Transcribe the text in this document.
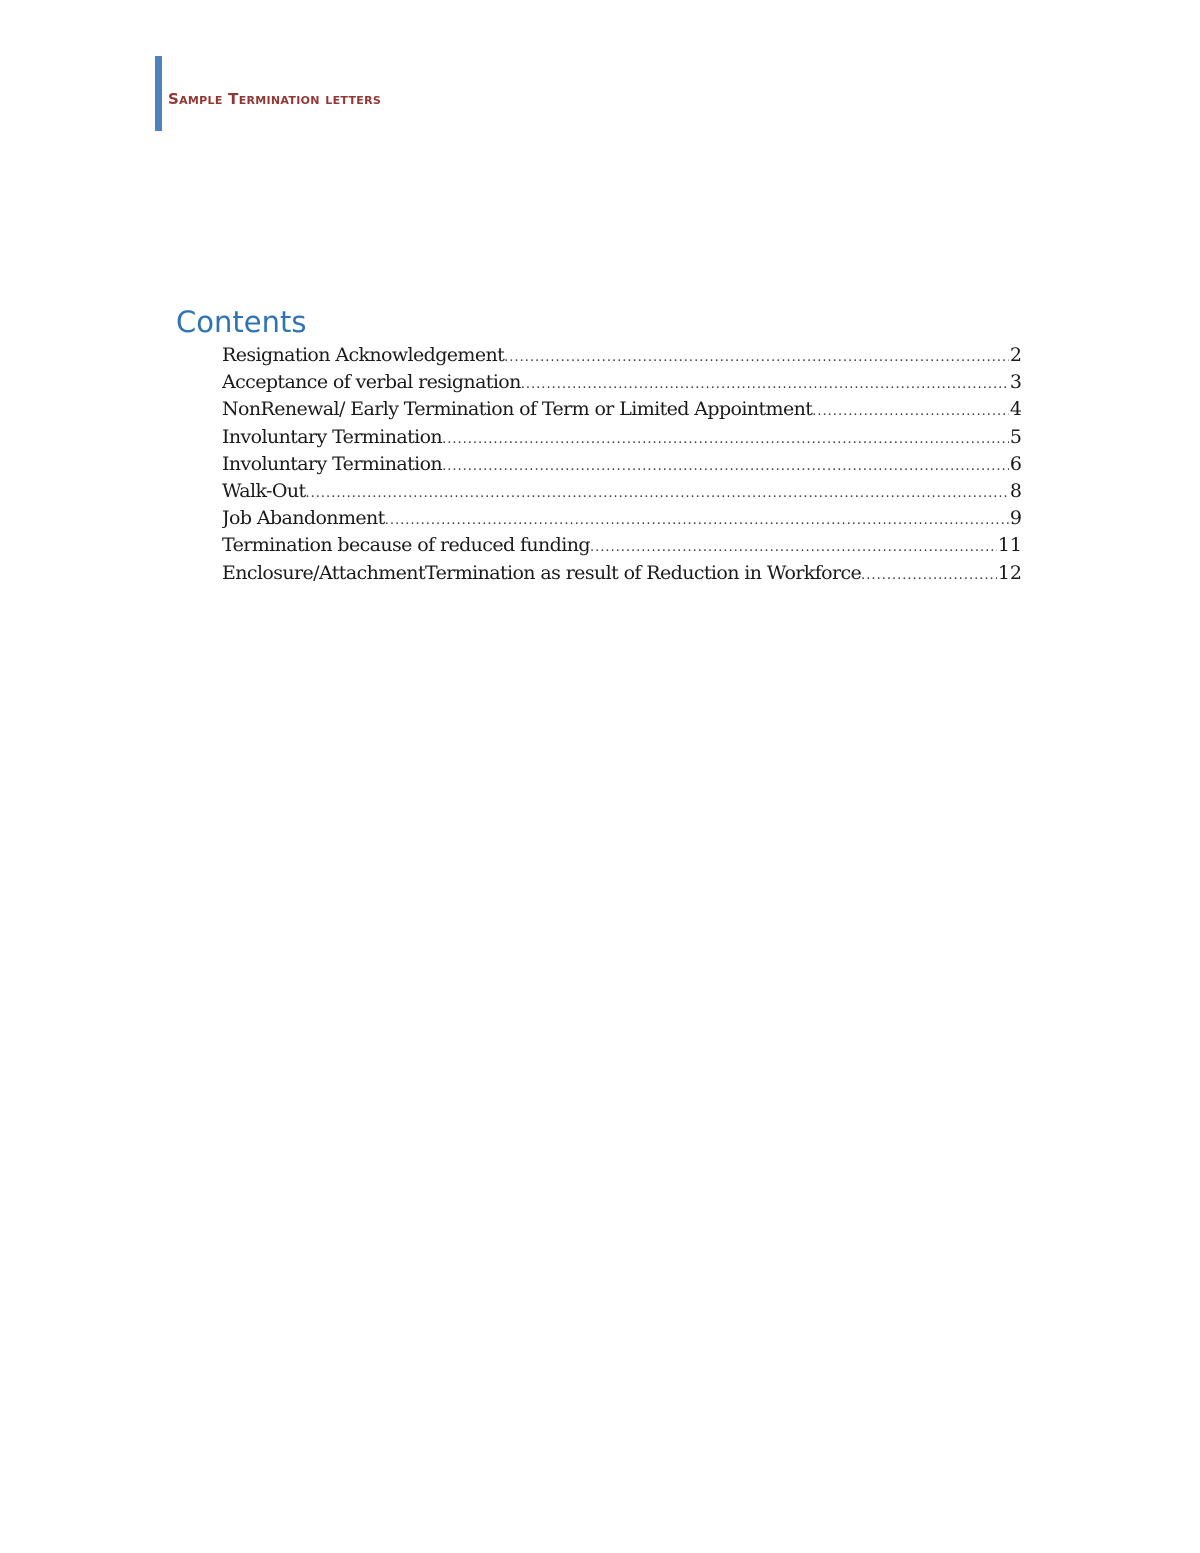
Sample Termination letters
Contents
Resignation Acknowledgement .....	2
Acceptance of verbal resignation .....	3
NonRenewal/ Early Termination of Term or Limited Appointment .....	4
Involuntary Termination .....	5
Involuntary Termination .....	6
Walk-Out .....	8
Job Abandonment .....	9
Termination because of reduced funding .....	11
Enclosure/AttachmentTermination as result of Reduction in Workforce .....	12
